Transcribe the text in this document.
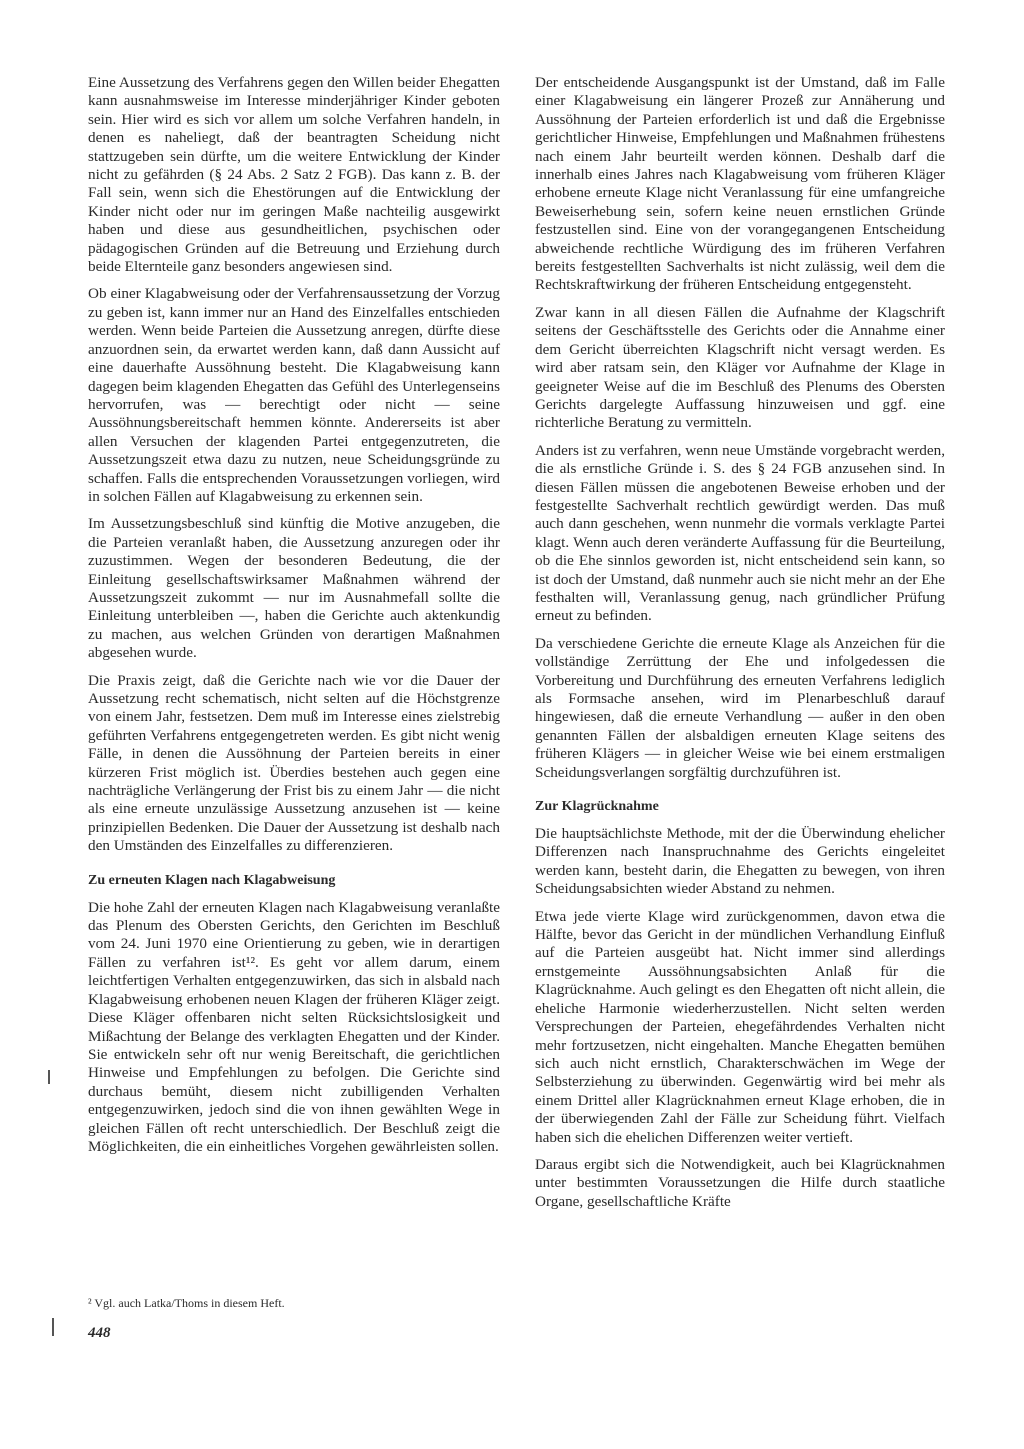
Eine Aussetzung des Verfahrens gegen den Willen beider Ehegatten kann ausnahmsweise im Interesse minderjähriger Kinder geboten sein. Hier wird es sich vor allem um solche Verfahren handeln, in denen es naheliegt, daß der beantragten Scheidung nicht stattzugeben sein dürfte, um die weitere Entwicklung der Kinder nicht zu gefährden (§ 24 Abs. 2 Satz 2 FGB). Das kann z. B. der Fall sein, wenn sich die Ehestörungen auf die Entwicklung der Kinder nicht oder nur im geringen Maße nachteilig ausgewirkt haben und diese aus gesundheitlichen, psychischen oder pädagogischen Gründen auf die Betreuung und Erziehung durch beide Elternteile ganz besonders angewiesen sind.

Ob einer Klagabweisung oder der Verfahrensaussetzung der Vorzug zu geben ist, kann immer nur an Hand des Einzelfalles entschieden werden. Wenn beide Parteien die Aussetzung anregen, dürfte diese anzuordnen sein, da erwartet werden kann, daß dann Aussicht auf eine dauerhafte Aussöhnung besteht. Die Klagabweisung kann dagegen beim klagenden Ehegatten das Gefühl des Unterlegenseins hervorrufen, was — berechtigt oder nicht — seine Aussöhnungsbereitschaft hemmen könnte. Andererseits ist aber allen Versuchen der klagenden Partei entgegenzutreten, die Aussetzungszeit etwa dazu zu nutzen, neue Scheidungsgründe zu schaffen. Falls die entsprechenden Voraussetzungen vorliegen, wird in solchen Fällen auf Klagabweisung zu erkennen sein.

Im Aussetzungsbeschluß sind künftig die Motive anzugeben, die die Parteien veranlaßt haben, die Aussetzung anzuregen oder ihr zuzustimmen. Wegen der besonderen Bedeutung, die der Einleitung gesellschaftswirksamer Maßnahmen während der Aussetzungszeit zukommt — nur im Ausnahmefall sollte die Einleitung unterbleiben —, haben die Gerichte auch aktenkundig zu machen, aus welchen Gründen von derartigen Maßnahmen abgesehen wurde.

Die Praxis zeigt, daß die Gerichte nach wie vor die Dauer der Aussetzung recht schematisch, nicht selten auf die Höchstgrenze von einem Jahr, festsetzen. Dem muß im Interesse eines zielstrebig geführten Verfahrens entgegengetreten werden. Es gibt nicht wenig Fälle, in denen die Aussöhnung der Parteien bereits in einer kürzeren Frist möglich ist. Überdies bestehen auch gegen eine nachträgliche Verlängerung der Frist bis zu einem Jahr — die nicht als eine erneute unzulässige Aussetzung anzusehen ist — keine prinzipiellen Bedenken. Die Dauer der Aussetzung ist deshalb nach den Umständen des Einzelfalles zu differenzieren.

Zu erneuten Klagen nach Klagabweisung

Die hohe Zahl der erneuten Klagen nach Klagabweisung veranlaßte das Plenum des Obersten Gerichts, den Gerichten im Beschluß vom 24. Juni 1970 eine Orientierung zu geben, wie in derartigen Fällen zu verfahren ist¹². Es geht vor allem darum, einem leichtfertigen Verhalten entgegenzuwirken, das sich in alsbald nach Klagabweisung erhobenen neuen Klagen der früheren Kläger zeigt. Diese Kläger offenbaren nicht selten Rücksichtslosigkeit und Mißachtung der Belange des verklagten Ehegatten und der Kinder. Sie entwickeln sehr oft nur wenig Bereitschaft, die gerichtlichen Hinweise und Empfehlungen zu befolgen. Die Gerichte sind durchaus bemüht, diesem nicht zubilligenden Verhalten entgegenzuwirken, jedoch sind die von ihnen gewählten Wege in gleichen Fällen oft recht unterschiedlich. Der Beschluß zeigt die Möglichkeiten, die ein einheitliches Vorgehen gewährleisten sollen.

Der entscheidende Ausgangspunkt ist der Umstand, daß im Falle einer Klagabweisung ein längerer Prozeß zur Annäherung und Aussöhnung der Parteien erforderlich ist und daß die Ergebnisse gerichtlicher Hinweise, Empfehlungen und Maßnahmen frühestens nach einem Jahr beurteilt werden können. Deshalb darf die innerhalb eines Jahres nach Klagabweisung vom früheren Kläger erhobene erneute Klage nicht Veranlassung für eine umfangreiche Beweiserhebung sein, sofern keine neuen ernstlichen Gründe festzustellen sind. Eine von der vorangegangenen Entscheidung abweichende rechtliche Würdigung des im früheren Verfahren bereits festgestellten Sachverhalts ist nicht zulässig, weil dem die Rechtskraftwirkung der früheren Entscheidung entgegensteht.

Zwar kann in all diesen Fällen die Aufnahme der Klagschrift seitens der Geschäftsstelle des Gerichts oder die Annahme einer dem Gericht überreichten Klagschrift nicht versagt werden. Es wird aber ratsam sein, den Kläger vor Aufnahme der Klage in geeigneter Weise auf die im Beschluß des Plenums des Obersten Gerichts dargelegte Auffassung hinzuweisen und ggf. eine richterliche Beratung zu vermitteln.

Anders ist zu verfahren, wenn neue Umstände vorgebracht werden, die als ernstliche Gründe i. S. des § 24 FGB anzusehen sind. In diesen Fällen müssen die angebotenen Beweise erhoben und der festgestellte Sachverhalt rechtlich gewürdigt werden. Das muß auch dann geschehen, wenn nunmehr die vormals verklagte Partei klagt. Wenn auch deren veränderte Auffassung für die Beurteilung, ob die Ehe sinnlos geworden ist, nicht entscheidend sein kann, so ist doch der Umstand, daß nunmehr auch sie nicht mehr an der Ehe festhalten will, Veranlassung genug, nach gründlicher Prüfung erneut zu befinden.

Da verschiedene Gerichte die erneute Klage als Anzeichen für die vollständige Zerrüttung der Ehe und infolgedessen die Vorbereitung und Durchführung des erneuten Verfahrens lediglich als Formsache ansehen, wird im Plenarbeschluß darauf hingewiesen, daß die erneute Verhandlung — außer in den oben genannten Fällen der alsbaldigen erneuten Klage seitens des früheren Klägers — in gleicher Weise wie bei einem erstmaligen Scheidungsverlangen sorgfältig durchzuführen ist.

Zur Klagrücknahme

Die hauptsächlichste Methode, mit der die Überwindung ehelicher Differenzen nach Inanspruchnahme des Gerichts eingeleitet werden kann, besteht darin, die Ehegatten zu bewegen, von ihren Scheidungsabsichten wieder Abstand zu nehmen.

Etwa jede vierte Klage wird zurückgenommen, davon etwa die Hälfte, bevor das Gericht in der mündlichen Verhandlung Einfluß auf die Parteien ausgeübt hat. Nicht immer sind allerdings ernstgemeinte Aussöhnungsabsichten Anlaß für die Klagrücknahme. Auch gelingt es den Ehegatten oft nicht allein, die eheliche Harmonie wiederherzustellen. Nicht selten werden Versprechungen der Parteien, ehegefährdendes Verhalten nicht mehr fortzusetzen, nicht eingehalten. Manche Ehegatten bemühen sich auch nicht ernstlich, Charakterschwächen im Wege der Selbsterziehung zu überwinden. Gegenwärtig wird bei mehr als einem Drittel aller Klagrücknahmen erneut Klage erhoben, die in der überwiegenden Zahl der Fälle zur Scheidung führt. Vielfach haben sich die ehelichen Differenzen weiter vertieft.

Daraus ergibt sich die Notwendigkeit, auch bei Klagrücknahmen unter bestimmten Voraussetzungen die Hilfe durch staatliche Organe, gesellschaftliche Kräfte

² Vgl. auch Latka/Thoms in diesem Heft.
448
